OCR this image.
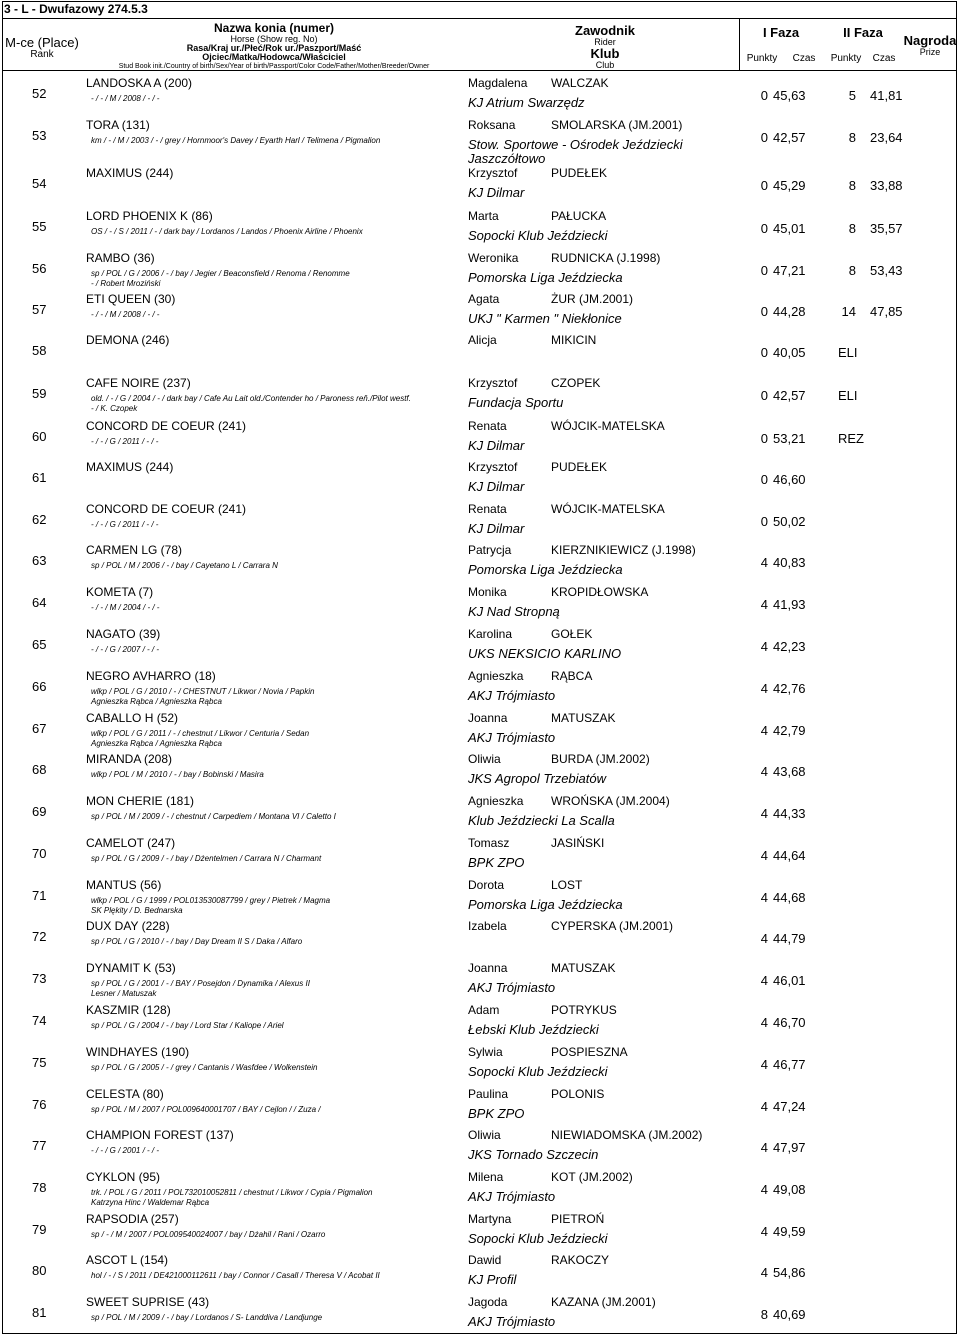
3 - L - Dwufazowy 274.5.3
M-ce (Place)
Rank
Nazwa konia (numer)
Horse (Show reg. No)
Rasa/Kraj ur./Płeć/Rok ur./Paszport/Maść
Ojciec/Matka/Hodowca/Właściciel
Stud Book init./Country of birth/Sex/Year of birth/Passport/Color Code/Father/Mother/Breeder/Owner
Zawodnik
Rider
Klub
Club
I Faza	II Faza
Punkty	Czas	Punkty	Czas
Nagroda
Prize
52
LANDOSKA A (200)
- / - / M / 2008 / - / -
Magdalena WALCZAK
KJ Atrium Swarzędz	0 45,63	5 41,81
53
TORA (131)
km / - / M / 2003 / - / grey / Hornmoor's Davey / Eyarth Harl / Telimena / Pigmalion
Roksana	SMOLARSKA (JM.2001)
Stow. Sportowe - Ośrodek Jeździecki
Jaszczółtowo
0 42,57	8 23,64
54
MAXIMUS (244)	Krzysztof	PUDEŁEK
KJ Dilmar	0 45,29	8 33,88
55
LORD PHOENIX K (86)
OS / - / S / 2011 / - / dark bay / Lordanos / Landos / Phoenix Airline / Phoenix
Marta	PAŁUCKA
Sopocki Klub Jeździecki	0 45,01	8 35,57
56
RAMBO (36)
sp / POL / G / 2006 / - / bay / Jegier / Beaconsfield / Renoma / Renomme
- / Robert Mroziński
Weronika	RUDNICKA (J.1998)
Pomorska Liga Jeździecka	0 47,21	8 53,43
57
ETI QUEEN (30)
- / - / M / 2008 / - / -
Agata	ŻUR (JM.2001)
UKJ " Karmen " Niekłonice	0 44,28	14 47,85
58
DEMONA (246)	Alicja	MIKICIN
0 40,05 ELI
59
CAFE NOIRE (237)
old. / - / G / 2004 / - / dark bay / Cafe Au Lait old./Contender ho / Paroness reň./Pilot westf.
- / K. Czopek
Krzysztof	CZOPEK
Fundacja Sportu	0 42,57 ELI
60
CONCORD DE COEUR (241)
- / - / G / 2011 / - / -
Renata	WÓJCIK-MATELSKA
KJ Dilmar	0 53,21 REZ
61
MAXIMUS (244)	Krzysztof	PUDEŁEK
KJ Dilmar	0 46,60
62
CONCORD DE COEUR (241)
- / - / G / 2011 / - / -
Renata	WÓJCIK-MATELSKA
KJ Dilmar	0 50,02
63
CARMEN LG (78)
sp / POL / M / 2006 / - / bay / Cayetano L / Carrara N
Patrycja	KIERZNIKIEWICZ (J.1998)
Pomorska Liga Jeździecka	4 40,83
64
KOMETA (7)
- / - / M / 2004 / - / -
Monika	KROPIDŁOWSKA
KJ Nad Stropną	4 41,93
65
NAGATO (39)
- / - / G / 2007 / - / -
Karolina	GOŁEK
UKS NEKSICIO KARLINO	4 42,23
66
NEGRO AVHARRO (18)
wlkp / POL / G / 2010 / - / CHESTNUT / Likwor / Novia / Papkin
Agnieszka Rąbca / Agnieszka Rąbca
Agnieszka RĄBCA
AKJ Trójmiasto	4 42,76
67
CABALLO H (52)
wlkp / POL / G / 2011 / - / chestnut / Likwor / Centuria / Sedan
Agnieszka Rąbca / Agnieszka Rąbca
Joanna	MATUSZAK
AKJ Trójmiasto	4 42,79
68
MIRANDA (208)
wlkp / POL / M / 2010 / - / bay / Bobinski / Masira
Oliwia	BURDA (JM.2002)
JKS Agropol Trzebiatów	4 43,68
69
MON CHERIE (181)
sp / POL / M / 2009 / - / chestnut / Carpediem / Montana VI / Caletto I
Agnieszka WROŃSKA (JM.2004)
Klub Jeździecki La Scalla	4 44,33
70
CAMELOT (247)
sp / POL / G / 2009 / - / bay / Dżentelmen / Carrara N / Charmant
Tomasz	JASIŃSKI
BPK ZPO	4 44,64
71
MANTUS (56)
wlkp / POL / G / 1999 / POL013530087799 / grey / Pietrek / Magma
SK Plękity / D. Bednarska
Dorota	LOST
Pomorska Liga Jeździecka	4 44,68
72
DUX DAY (228)
sp / POL / G / 2010 / - / bay / Day Dream II S / Daka / Alfaro
Izabela	CYPERSKA (JM.2001)
4 44,79
73
DYNAMIT K (53)
sp / POL / G / 2001 / - / BAY / Posejdon / Dynamika / Alexus II
Lesner / Matuszak
Joanna	MATUSZAK
AKJ Trójmiasto	4 46,01
74
KASZMIR (128)
sp / POL / G / 2004 / - / bay / Lord Star / Kaliope / Ariel
Adam	POTRYKUS
Łebski Klub Jeździecki	4 46,70
75
WINDHAYES (190)
sp / POL / G / 2005 / - / grey / Cantanis / Wasfdee / Wolkenstein
Sylwia	POSPIESZNA
Sopocki Klub Jeździecki	4 46,77
76
CELESTA (80)
sp / POL / M / 2007 / POL009640001707 / BAY / Cejlon / / Zuza /
Paulina	POLONIS
BPK ZPO	4 47,24
77
CHAMPION FOREST (137)
- / - / G / 2001 / - / -
Oliwia	NIEWIADOMSKA (JM.2002)
JKS Tornado Szczecin	4 47,97
78
CYKLON (95)
trk. / POL / G / 2011 / POL732010052811 / chestnut / Likwor / Cypia / Pigmalion
Katrzyna Hinc / Waldemar Rąbca
Milena	KOT (JM.2002)
AKJ Trójmiasto	4 49,08
79
RAPSODIA (257)
sp / - / M / 2007 / POL009540024007 / bay / Dżahil / Rani / Ozarro
Martyna	PIETROŃ
Sopocki Klub Jeździecki	4 49,59
80
ASCOT L (154)
hol / - / S / 2011 / DE421000112611 / bay / Connor / Casall / Theresa V / Acobat II
Dawid	RAKOCZY
KJ Profil	4 54,86
81
SWEET SUPRISE (43)
sp / POL / M / 2009 / - / bay / Lordanos / S- Landdiva / Landjunge
Jagoda	KAZANA (JM.2001)
AKJ Trójmiasto	8 40,69
